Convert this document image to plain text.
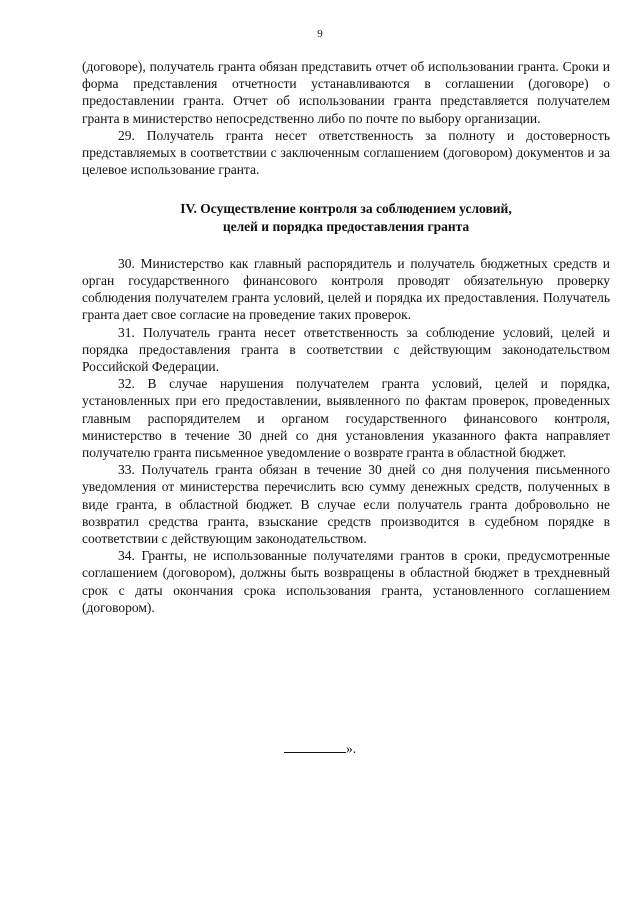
9

(договоре), получатель гранта обязан представить отчет об использовании гранта. Сроки и форма представления отчетности устанавливаются в соглашении (договоре) о предоставлении гранта. Отчет об использовании гранта представляется получателем гранта в министерство непосредственно либо по почте по выбору организации.

29. Получатель гранта несет ответственность за полноту и достоверность представляемых в соответствии с заключенным соглашением (договором) документов и за целевое использование гранта.

IV. Осуществление контроля за соблюдением условий,
целей и порядка предоставления гранта

30. Министерство как главный распорядитель и получатель бюджетных средств и орган государственного финансового контроля проводят обязательную проверку соблюдения получателем гранта условий, целей и порядка их предоставления. Получатель гранта дает свое согласие на проведение таких проверок.

31. Получатель гранта несет ответственность за соблюдение условий, целей и порядка предоставления гранта в соответствии с действующим законодательством Российской Федерации.

32. В случае нарушения получателем гранта условий, целей и порядка, установленных при его предоставлении, выявленного по фактам проверок, проведенных главным распорядителем и органом государственного финансового контроля, министерство в течение 30 дней со дня установления указанного факта направляет получателю гранта письменное уведомление о возврате гранта в областной бюджет.

33. Получатель гранта обязан в течение 30 дней со дня получения письменного уведомления от министерства перечислить всю сумму денежных средств, полученных в виде гранта, в областной бюджет. В случае если получатель гранта добровольно не возвратил средства гранта, взыскание средств производится в судебном порядке в соответствии с действующим законодательством.

34. Гранты, не использованные получателями грантов в сроки, предусмотренные соглашением (договором), должны быть возвращены в областной бюджет в трехдневный срок с даты окончания срока использования гранта, установленного соглашением (договором).

».
